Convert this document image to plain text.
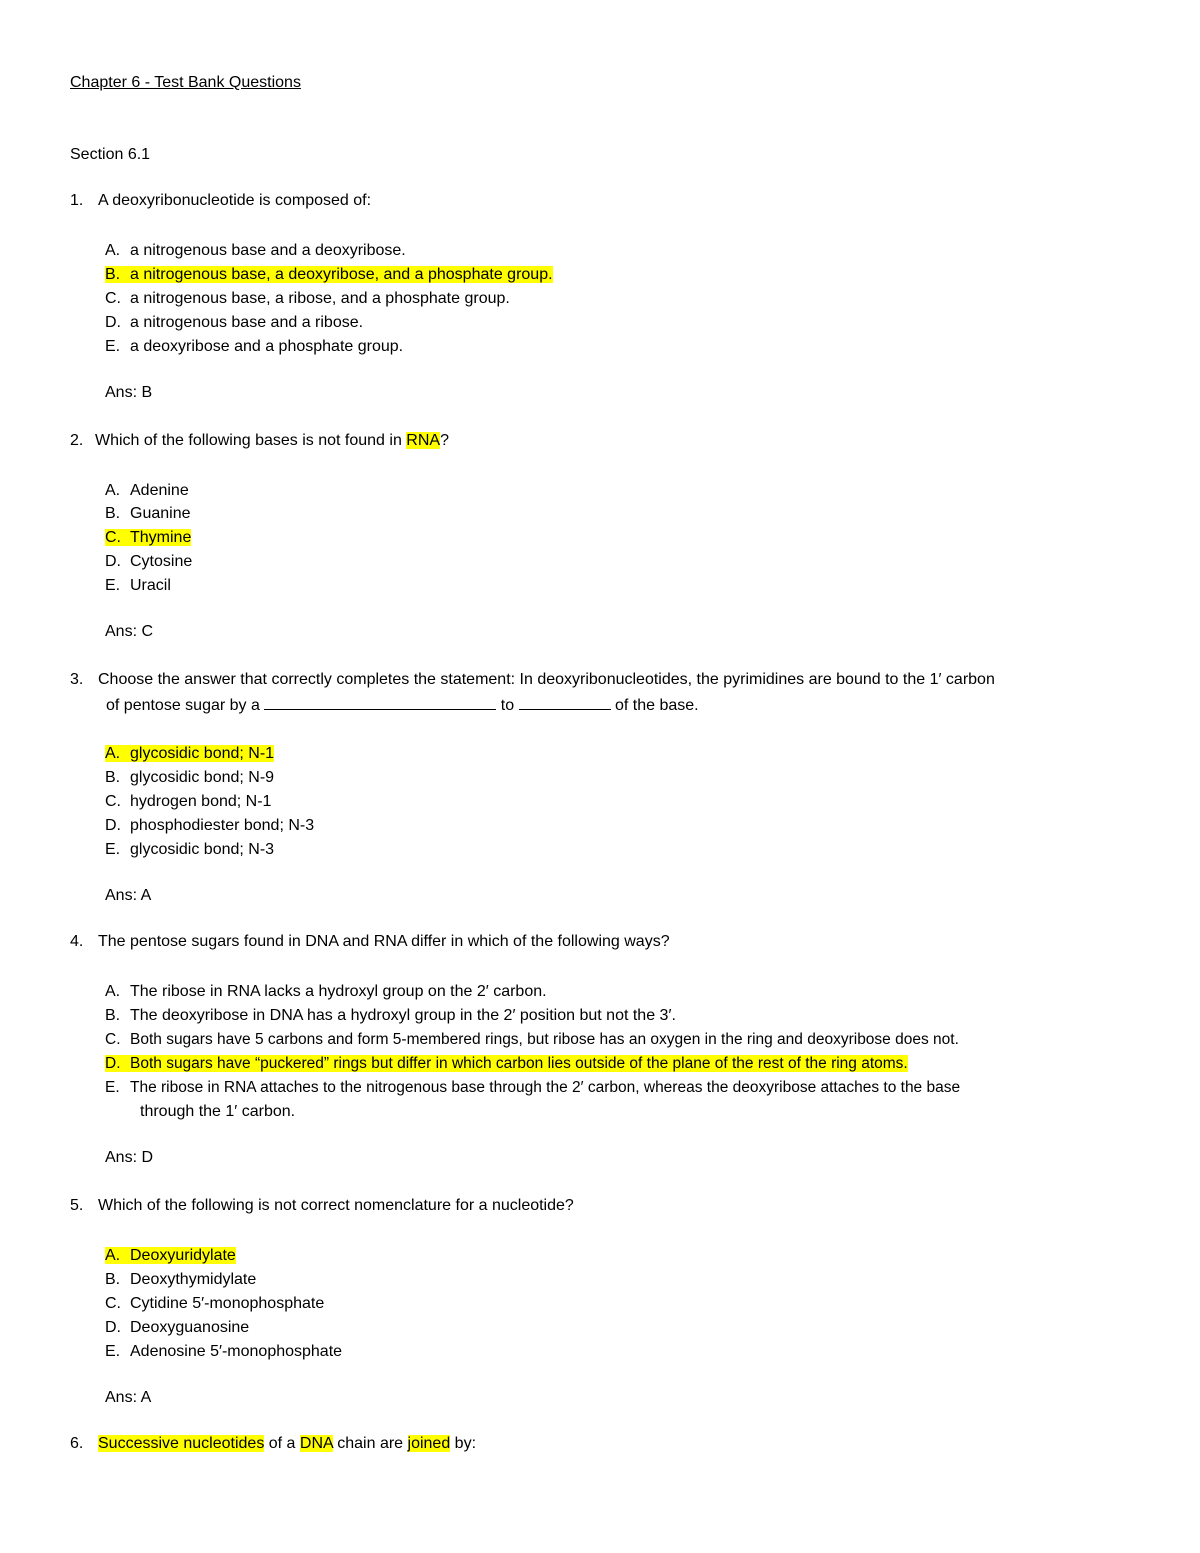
Chapter 6 - Test Bank Questions
Section 6.1
1. A deoxyribonucleotide is composed of:
A. a nitrogenous base and a deoxyribose.
B. a nitrogenous base, a deoxyribose, and a phosphate group.
C. a nitrogenous base, a ribose, and a phosphate group.
D. a nitrogenous base and a ribose.
E. a deoxyribose and a phosphate group.
Ans: B
2. Which of the following bases is not found in RNA?
A. Adenine
B. Guanine
C. Thymine
D. Cytosine
E. Uracil
Ans: C
3. Choose the answer that correctly completes the statement: In deoxyribonucleotides, the pyrimidines are bound to the 1′ carbon
of pentose sugar by a	to	of the base.
A. glycosidic bond; N-1
B. glycosidic bond; N-9
C. hydrogen bond; N-1
D. phosphodiester bond; N-3
E. glycosidic bond; N-3
Ans: A
4. The pentose sugars found in DNA and RNA differ in which of the following ways?
A. The ribose in RNA lacks a hydroxyl group on the 2′ carbon.
B. The deoxyribose in DNA has a hydroxyl group in the 2′ position but not the 3′.
C. Both sugars have 5 carbons and form 5-membered rings, but ribose has an oxygen in the ring and deoxyribose does not.
D. Both sugars have “puckered” rings but differ in which carbon lies outside of the plane of the rest of the ring atoms.
E. The ribose in RNA attaches to the nitrogenous base through the 2′ carbon, whereas the deoxyribose attaches to the base
through the 1′ carbon.
Ans: D
5. Which of the following is not correct nomenclature for a nucleotide?
A. Deoxyuridylate
B. Deoxythymidylate
C. Cytidine 5′-monophosphate
D. Deoxyguanosine
E. Adenosine 5′-monophosphate
Ans: A
6. Successive nucleotides of a DNA chain are joined by:
